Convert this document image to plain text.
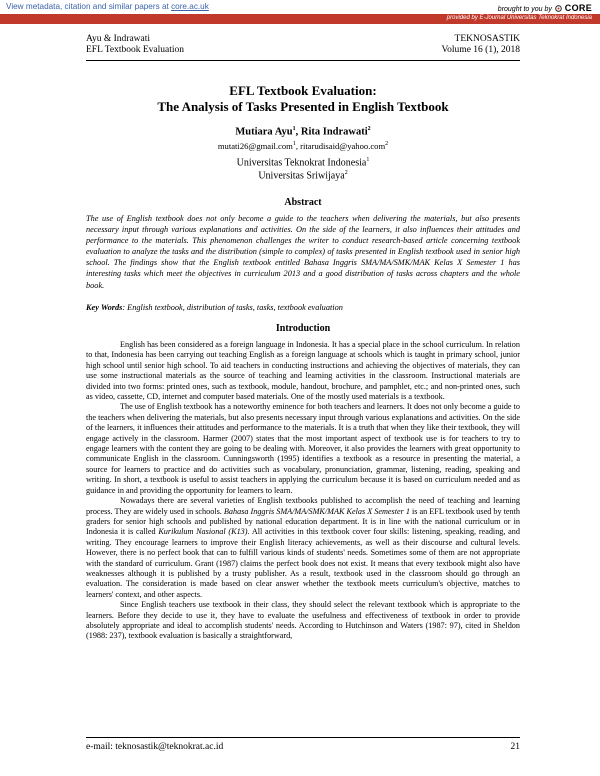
View metadata, citation and similar papers at core.ac.uk	brought to you by CORE
provided by E-Journal Universitas Teknokrat Indonesia
Ayu & Indrawati
EFL Textbook Evaluation
TEKNOSASTIK
Volume 16 (1), 2018
EFL Textbook Evaluation:
The Analysis of Tasks Presented in English Textbook
Mutiara Ayu$^1$, Rita Indrawati$^2$
mutati26@gmail.com$^1$, ritarudisaid@yahoo.com$^2$
Universitas Teknokrat Indonesia$^1$
Universitas Sriwijaya$^2$
Abstract
The use of English textbook does not only become a guide to the teachers when delivering the materials, but also presents necessary input through various explanations and activities. On the side of the learners, it also influences their attitudes and performance to the materials. This phenomenon challenges the writer to conduct research-based article concerning textbook evaluation to analyze the tasks and the distribution (simple to complex) of tasks presented in English textbook used in senior high school. The findings show that the English textbook entitled Bahasa Inggris SMA/MA/SMK/MAK Kelas X Semester 1 has interesting tasks which meet the objectives in curriculum 2013 and a good distribution of tasks across chapters and the whole book.
Key Words: English textbook, distribution of tasks, tasks, textbook evaluation
Introduction

English has been considered as a foreign language in Indonesia. It has a special place in the school curriculum. In relation to that, Indonesia has been carrying out teaching English as a foreign language at schools which is taught in primary school, junior high school until senior high school. To aid teachers in conducting instructions and achieving the objectives of materials, they can use some instructional materials as the source of teaching and learning activities in the classroom. Instructional materials are divided into two forms: printed ones, such as textbook, module, handout, brochure, and pamphlet, etc.; and non-printed ones, such as video, cassette, CD, internet and computer based materials. One of the mostly used materials is a textbook.

The use of English textbook has a noteworthy eminence for both teachers and learners. It does not only become a guide to the teachers when delivering the materials, but also presents necessary input through various explanations and activities. On the side of the learners, it influences their attitudes and performance to the materials. It is a truth that when they like their textbook, they will engage actively in the classroom. Harmer (2007) states that the most important aspect of textbook use is for teachers to try to engage learners with the content they are going to be dealing with. Moreover, it also provides the learners with great opportunity to communicate English in the classroom. Cunningsworth (1995) identifies a textbook as a resource in presenting the material, a source for learners to practice and do activities such as vocabulary, pronunciation, grammar, listening, reading, speaking and writing. In short, a textbook is useful to assist teachers in applying the curriculum because it is based on curriculum needed and as guidance in and providing the opportunity for learners to learn.

Nowadays there are several varieties of English textbooks published to accomplish the need of teaching and learning process. They are widely used in schools. Bahasa Inggris SMA/MA/SMK/MAK Kelas X Semester 1 is an EFL textbook used by tenth graders for senior high schools and published by national education department. It is in line with the national curriculum or in Indonesia it is called Kurikulum Nasional (K13). All activities in this textbook cover four skills: listening, speaking, reading, and writing. They encourage learners to improve their English literacy achievements, as well as their discourse and cultural levels. However, there is no perfect book that can to fulfill various kinds of students' needs. Sometimes some of them are not appropriate with the standard of curriculum. Grant (1987) claims the perfect book does not exist. It means that every textbook might also have weaknesses although it is published by a trusty publisher. As a result, textbook used in the classroom should go through an evaluation. The consideration is made based on clear answer whether the textbook meets curriculum's objective, matches to learners' context, and other aspects.

Since English teachers use textbook in their class, they should select the relevant textbook which is appropriate to the learners. Before they decide to use it, they have to evaluate the usefulness and effectiveness of textbook in order to provide absolutely appropriate and ideal to accomplish students' needs. According to Hutchinson and Waters (1987: 97), cited in Sheldon (1988: 237), textbook evaluation is basically a straightforward,

e-mail: teknosastik@teknokrat.ac.id	21
